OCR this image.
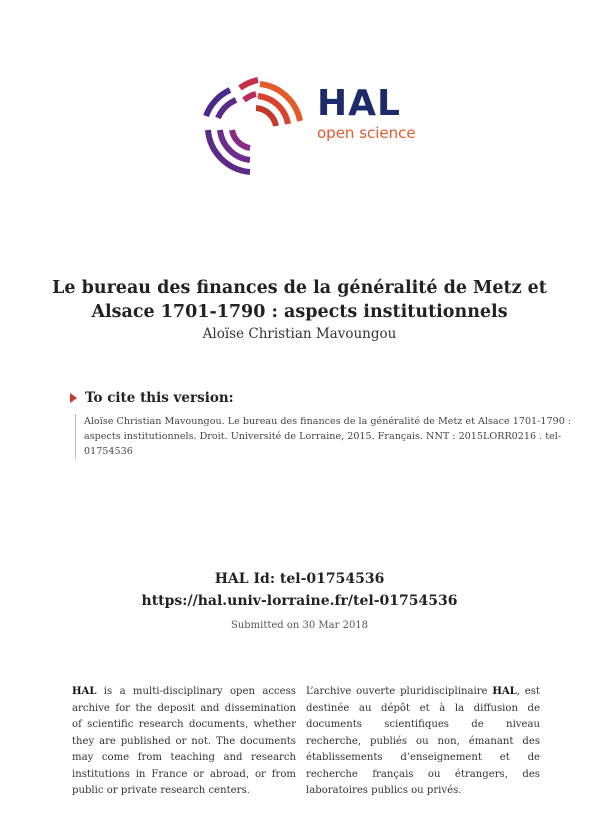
HAL
open science
Le bureau des finances de la généralité de Metz et
Alsace 1701-1790 : aspects institutionnels
Aloïse Christian Mavoungou
To cite this version:
Aloïse Christian Mavoungou. Le bureau des finances de la généralité de Metz et Alsace 1701-1790 : aspects institutionnels. Droit. Université de Lorraine, 2015. Français. NNT : 2015LORR0216 . tel-01754536
HAL Id: tel-01754536
https://hal.univ-lorraine.fr/tel-01754536
Submitted on 30 Mar 2018
HAL is a multi-disciplinary open access archive for the deposit and dissemination of scientific research documents, whether they are published or not. The documents may come from teaching and research institutions in France or abroad, or from public or private research centers.
L’archive ouverte pluridisciplinaire HAL, est destinée au dépôt et à la diffusion de documents scientifiques de niveau recherche, publiés ou non, émanant des établissements d’enseignement et de recherche français ou étrangers, des laboratoires publics ou privés.
